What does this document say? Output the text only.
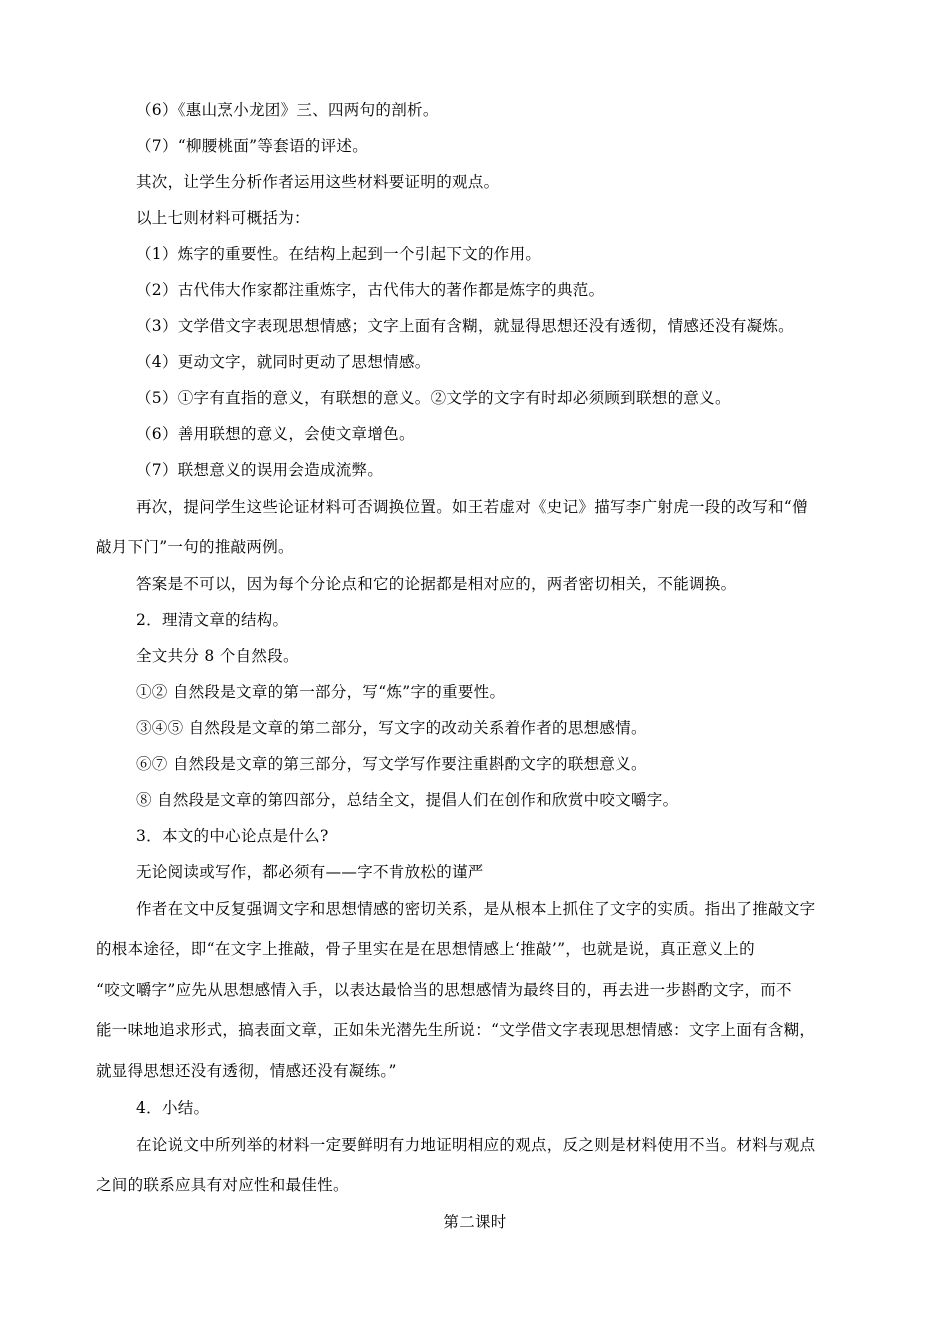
（6）《惠山烹小龙团》三、四两句的剖析。
（7）“柳腰桃面”等套语的评述。
其次，让学生分析作者运用这些材料要证明的观点。
以上七则材料可概括为：
（1）炼字的重要性。在结构上起到一个引起下文的作用。
（2）古代伟大作家都注重炼字，古代伟大的著作都是炼字的典范。
（3）文学借文字表现思想情感；文字上面有含糊，就显得思想还没有透彻，情感还没有凝炼。
（4）更动文字，就同时更动了思想情感。
（5）①字有直指的意义，有联想的意义。②文学的文字有时却必须顾到联想的意义。
（6）善用联想的意义，会使文章增色。
（7）联想意义的误用会造成流弊。
再次，提问学生这些论证材料可否调换位置。如王若虚对《史记》描写李广射虎一段的改写和“僧
敲月下门”一句的推敲两例。
答案是不可以，因为每个分论点和它的论据都是相对应的，两者密切相关，不能调换。
2．理清文章的结构。
全文共分 8 个自然段。
①② 自然段是文章的第一部分，写“炼”字的重要性。
③④⑤ 自然段是文章的第二部分，写文字的改动关系着作者的思想感情。
⑥⑦ 自然段是文章的第三部分，写文学写作要注重斟酌文字的联想意义。
⑧ 自然段是文章的第四部分，总结全文，提倡人们在创作和欣赏中咬文嚼字。
3．本文的中心论点是什么?
无论阅读或写作，都必须有——字不肯放松的谨严
作者在文中反复强调文字和思想情感的密切关系，是从根本上抓住了文字的实质。指出了推敲文字
的根本途径，即“在文字上推敲，骨子里实在是在思想情感上‘推敲’”，也就是说，真正意义上的
“咬文嚼字”应先从思想感情入手，以表达最恰当的思想感情为最终目的，再去进一步斟酌文字，而不
能一味地追求形式，搞表面文章，正如朱光潜先生所说：“文学借文字表现思想情感：文字上面有含糊，
就显得思想还没有透彻，情感还没有凝练。”
4．小结。
在论说文中所列举的材料一定要鲜明有力地证明相应的观点，反之则是材料使用不当。材料与观点
之间的联系应具有对应性和最佳性。
第二课时
